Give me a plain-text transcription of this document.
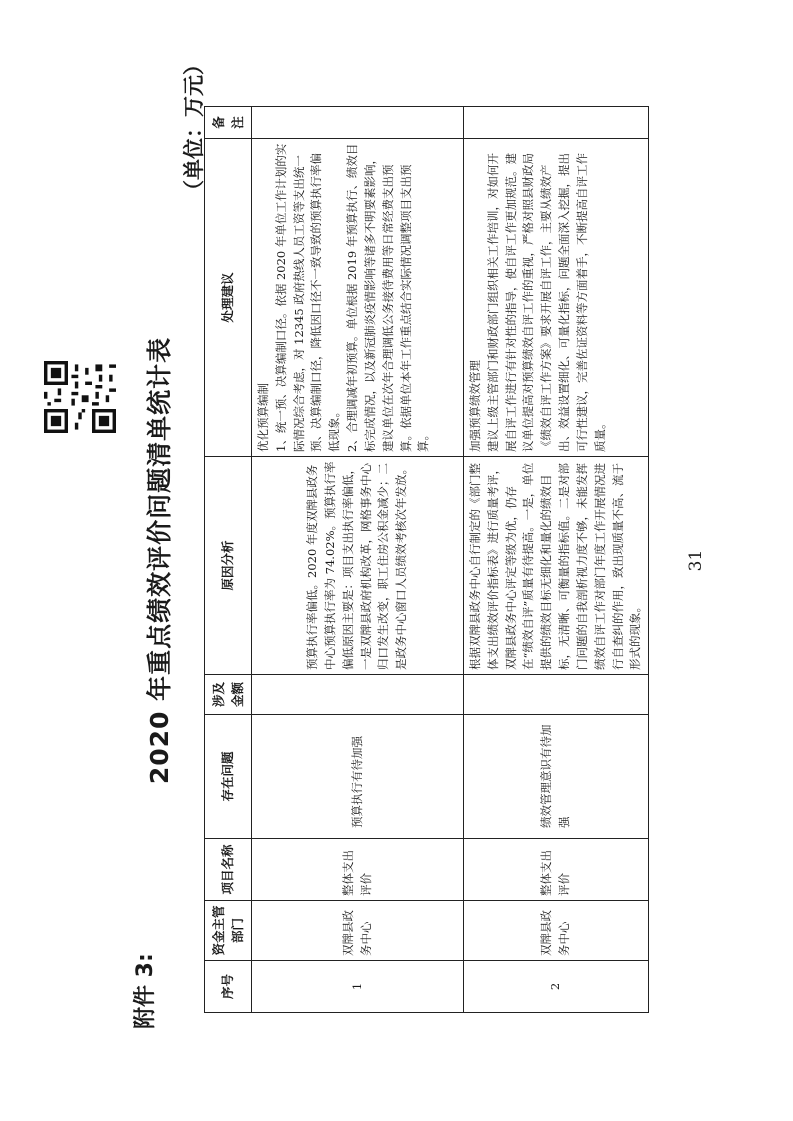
附件 3:
2020 年重点绩效评价问题清单统计表
（单位：万元）
序号	资金主管部门	项目名称	存在问题	涉及金额	原因分析	处理建议	备注
1	双牌县政务中心	整体支出评价	预算执行有待加强		预算执行率偏低。2020 年度双牌县政务中心预算执行率为 74.02%。预算执行率偏低原因主要是：项目支出执行率偏低，一是双牌县政府机构改革，网格事务中心归口发生改变，职工住房公积金减少；二是政务中心窗口人员绩效考核次年发放。	优化预算编制 1、统一预、决算编制口径。依据 2020 年单位工作计划的实际情况综合考虑，对 12345 政府热线人员工资等支出统一预、决算编制口径，降低因口径不一致导致的预算执行率偏低现象。 2、合理调减年初预算。单位根据 2019 年预算执行、绩效目标完成情况，以及新冠肺炎疫情影响等诸多不明要素影响，建议单位在次年合理调低公务接待费用等日常经费支出预算。依据单位本年工作重点结合实际情况调整项目支出预算。	

2	双牌县政务中心	整体支出评价	绩效管理意识有待加强		根据双牌县政务中心自行制定的《部门整体支出绩效评价指标表》进行质量考评，双牌县政务中心评定等级为优，仍存在“绩效自评”质量有待提高。一是，单位提供的绩效目标无细化和量化的绩效目标，无清晰、可衡量的指标值。二是对部门问题的自我剖析视力度不够，未能发挥绩效自评工作对部门年度工作开展情况进行自查纠的作用，致出现质量不高、流于形式的现象。	加强预算绩效管理 建议上级主管部门和财政部门组织相关工作培训，对如何开展自评工作进行有针对性的指导，使自评工作更加规范。建议单位提高对预算绩效自评工作的重视，严格对照县财政局《绩效自评工作方案》要求开展自评工作，主要从绩效产出、效益设置细化、可量化指标，问题全面深入挖掘，提出可行性建议，完善佐证资料等方面着手，不断提高自评工作质量。	

31
